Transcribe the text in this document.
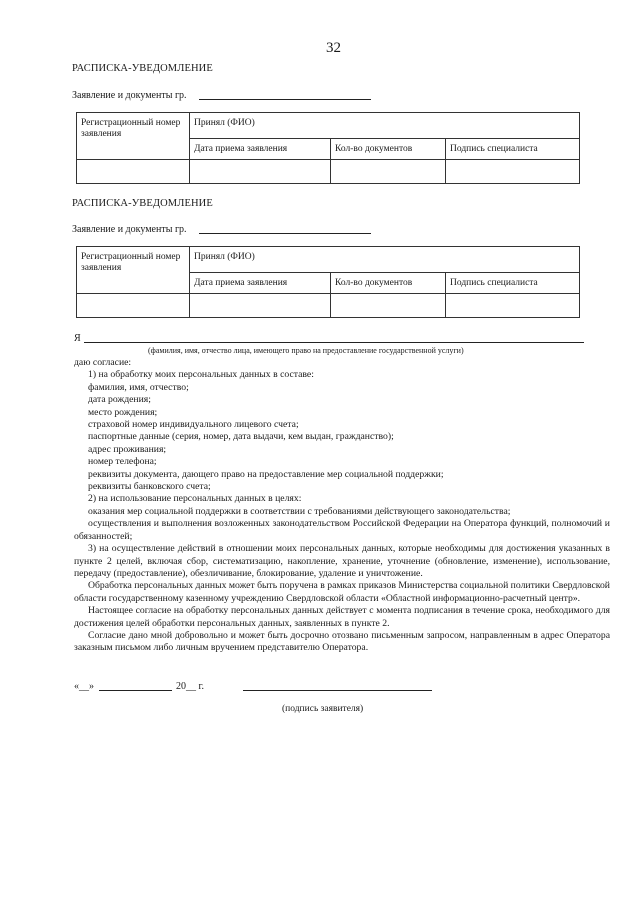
32
РАСПИСКА-УВЕДОМЛЕНИЕ
Заявление и документы гр.
Регистрационный номер заявления	Принял (ФИО)		
	Дата приема заявления	Кол-во документов	Подпись специалиста

РАСПИСКА-УВЕДОМЛЕНИЕ
Заявление и документы гр.
Регистрационный номер заявления	Принял (ФИО)		
	Дата приема заявления	Кол-во документов	Подпись специалиста

Я
(фамилия, имя, отчество лица, имеющего право на предоставление государственной услуги)

даю согласие:

1) на обработку моих персональных данных в составе:

фамилия, имя, отчество;

дата рождения;

место рождения;

страховой номер индивидуального лицевого счета;

паспортные данные (серия, номер, дата выдачи, кем выдан, гражданство);

адрес проживания;

номер телефона;

реквизиты документа, дающего право на предоставление мер социальной поддержки;

реквизиты банковского счета;

2) на использование персональных данных в целях:

оказания мер социальной поддержки в соответствии с требованиями действующего законодательства;

осуществления и выполнения возложенных законодательством Российской Федерации на Оператора функций, полномочий и обязанностей;

3) на осуществление действий в отношении моих персональных данных, которые необходимы для достижения указанных в пункте 2 целей, включая сбор, систематизацию, накопление, хранение, уточнение (обновление, изменение), использование, передачу (предоставление), обезличивание, блокирование, удаление и уничтожение.

Обработка персональных данных может быть поручена в рамках приказов Министерства социальной политики Свердловской области государственному казенному учреждению Свердловской области «Областной информационно-расчетный центр».

Настоящее согласие на обработку персональных данных действует с момента подписания в течение срока, необходимого для достижения целей обработки персональных данных, заявленных в пункте 2.

Согласие дано мной добровольно и может быть досрочно отозвано письменным запросом, направленным в адрес Оператора заказным письмом либо личным вручением представителю Оператора.

«__»	20__ г.
(подпись заявителя)
